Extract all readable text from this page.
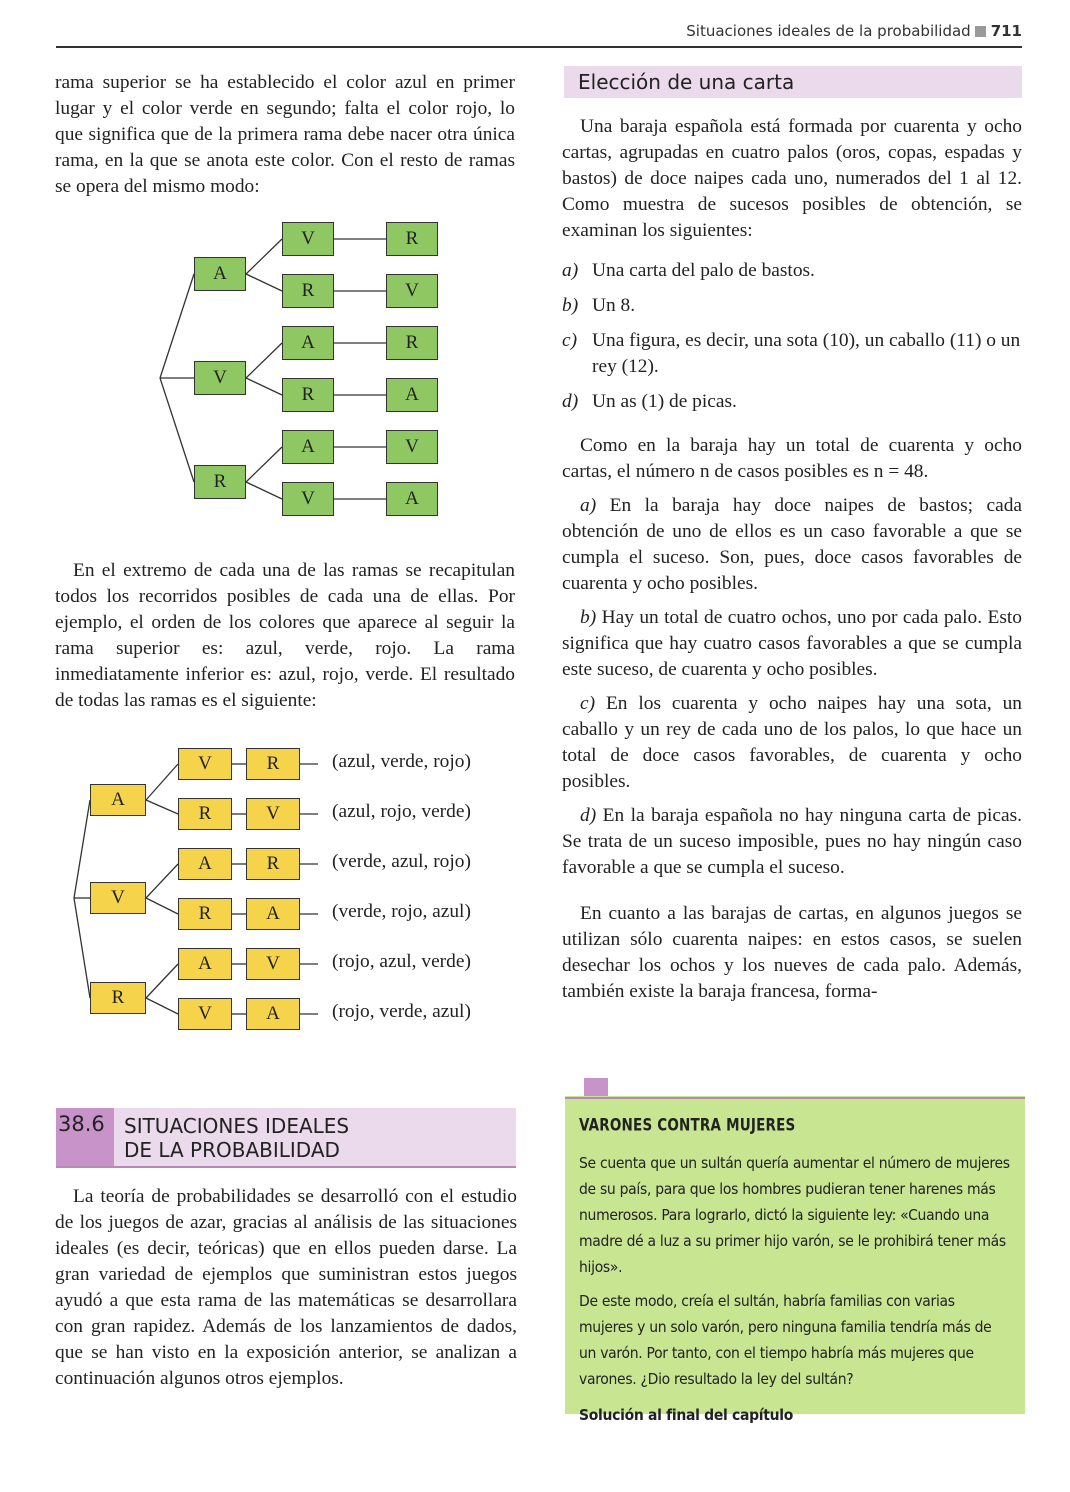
Situaciones ideales de la probabilidad 711

rama superior se ha establecido el color azul en primer lugar y el color verde en segundo; falta el color rojo, lo que significa que de la primera rama debe nacer otra única rama, en la que se anota este color. Con el resto de ramas se opera del mismo modo:

A
V
R
V
R
A
R
A
V
R
V
R
A
V
A

En el extremo de cada una de las ramas se recapitulan todos los recorridos posibles de cada una de ellas. Por ejemplo, el orden de los colores que aparece al seguir la rama superior es: azul, verde, rojo. La rama inmediatamente inferior es: azul, rojo, verde. El resultado de todas las ramas es el siguiente:

A
V
R
V
R
A
R
A
V
R
V
R
A
V
A
(azul, verde, rojo)
(azul, rojo, verde)
(verde, azul, rojo)
(verde, rojo, azul)
(rojo, azul, verde)
(rojo, verde, azul)
38.6 SITUACIONES IDEALES
DE LA PROBABILIDAD

La teoría de probabilidades se desarrolló con el estudio de los juegos de azar, gracias al análisis de las situaciones ideales (es decir, teóricas) que en ellos pueden darse. La gran variedad de ejemplos que suministran estos juegos ayudó a que esta rama de las matemáticas se desarrollara con gran rapidez. Además de los lanzamientos de dados, que se han visto en la exposición anterior, se analizan a continuación algunos otros ejemplos.

Elección de una carta

Una baraja española está formada por cuarenta y ocho cartas, agrupadas en cuatro palos (oros, copas, espadas y bastos) de doce naipes cada uno, numerados del 1 al 12. Como muestra de sucesos posibles de obtención, se examinan los siguientes:

a) Una carta del palo de bastos.

b) Un 8.

c) Una figura, es decir, una sota (10), un caballo (11) o un rey (12).

d) Un as (1) de picas.

Como en la baraja hay un total de cuarenta y ocho cartas, el número n de casos posibles es n = 48.

a) En la baraja hay doce naipes de bastos; cada obtención de uno de ellos es un caso favorable a que se cumpla el suceso. Son, pues, doce casos favorables de cuarenta y ocho posibles.

b) Hay un total de cuatro ochos, uno por cada palo. Esto significa que hay cuatro casos favorables a que se cumpla este suceso, de cuarenta y ocho posibles.

c) En los cuarenta y ocho naipes hay una sota, un caballo y un rey de cada uno de los palos, lo que hace un total de doce casos favorables, de cuarenta y ocho posibles.

d) En la baraja española no hay ninguna carta de picas. Se trata de un suceso imposible, pues no hay ningún caso favorable a que se cumpla el suceso.

En cuanto a las barajas de cartas, en algunos juegos se utilizan sólo cuarenta naipes: en estos casos, se suelen desechar los ochos y los nueves de cada palo. Además, también existe la baraja francesa, forma-

VARONES CONTRA MUJERES

Se cuenta que un sultán quería aumentar el número de mujeres de su país, para que los hombres pudieran tener harenes más numerosos. Para lograrlo, dictó la siguiente ley: «Cuando una madre dé a luz a su primer hijo varón, se le prohibirá tener más hijos».

De este modo, creía el sultán, habría familias con varias mujeres y un solo varón, pero ninguna familia tendría más de un varón. Por tanto, con el tiempo habría más mujeres que varones. ¿Dio resultado la ley del sultán?

Solución al final del capítulo
